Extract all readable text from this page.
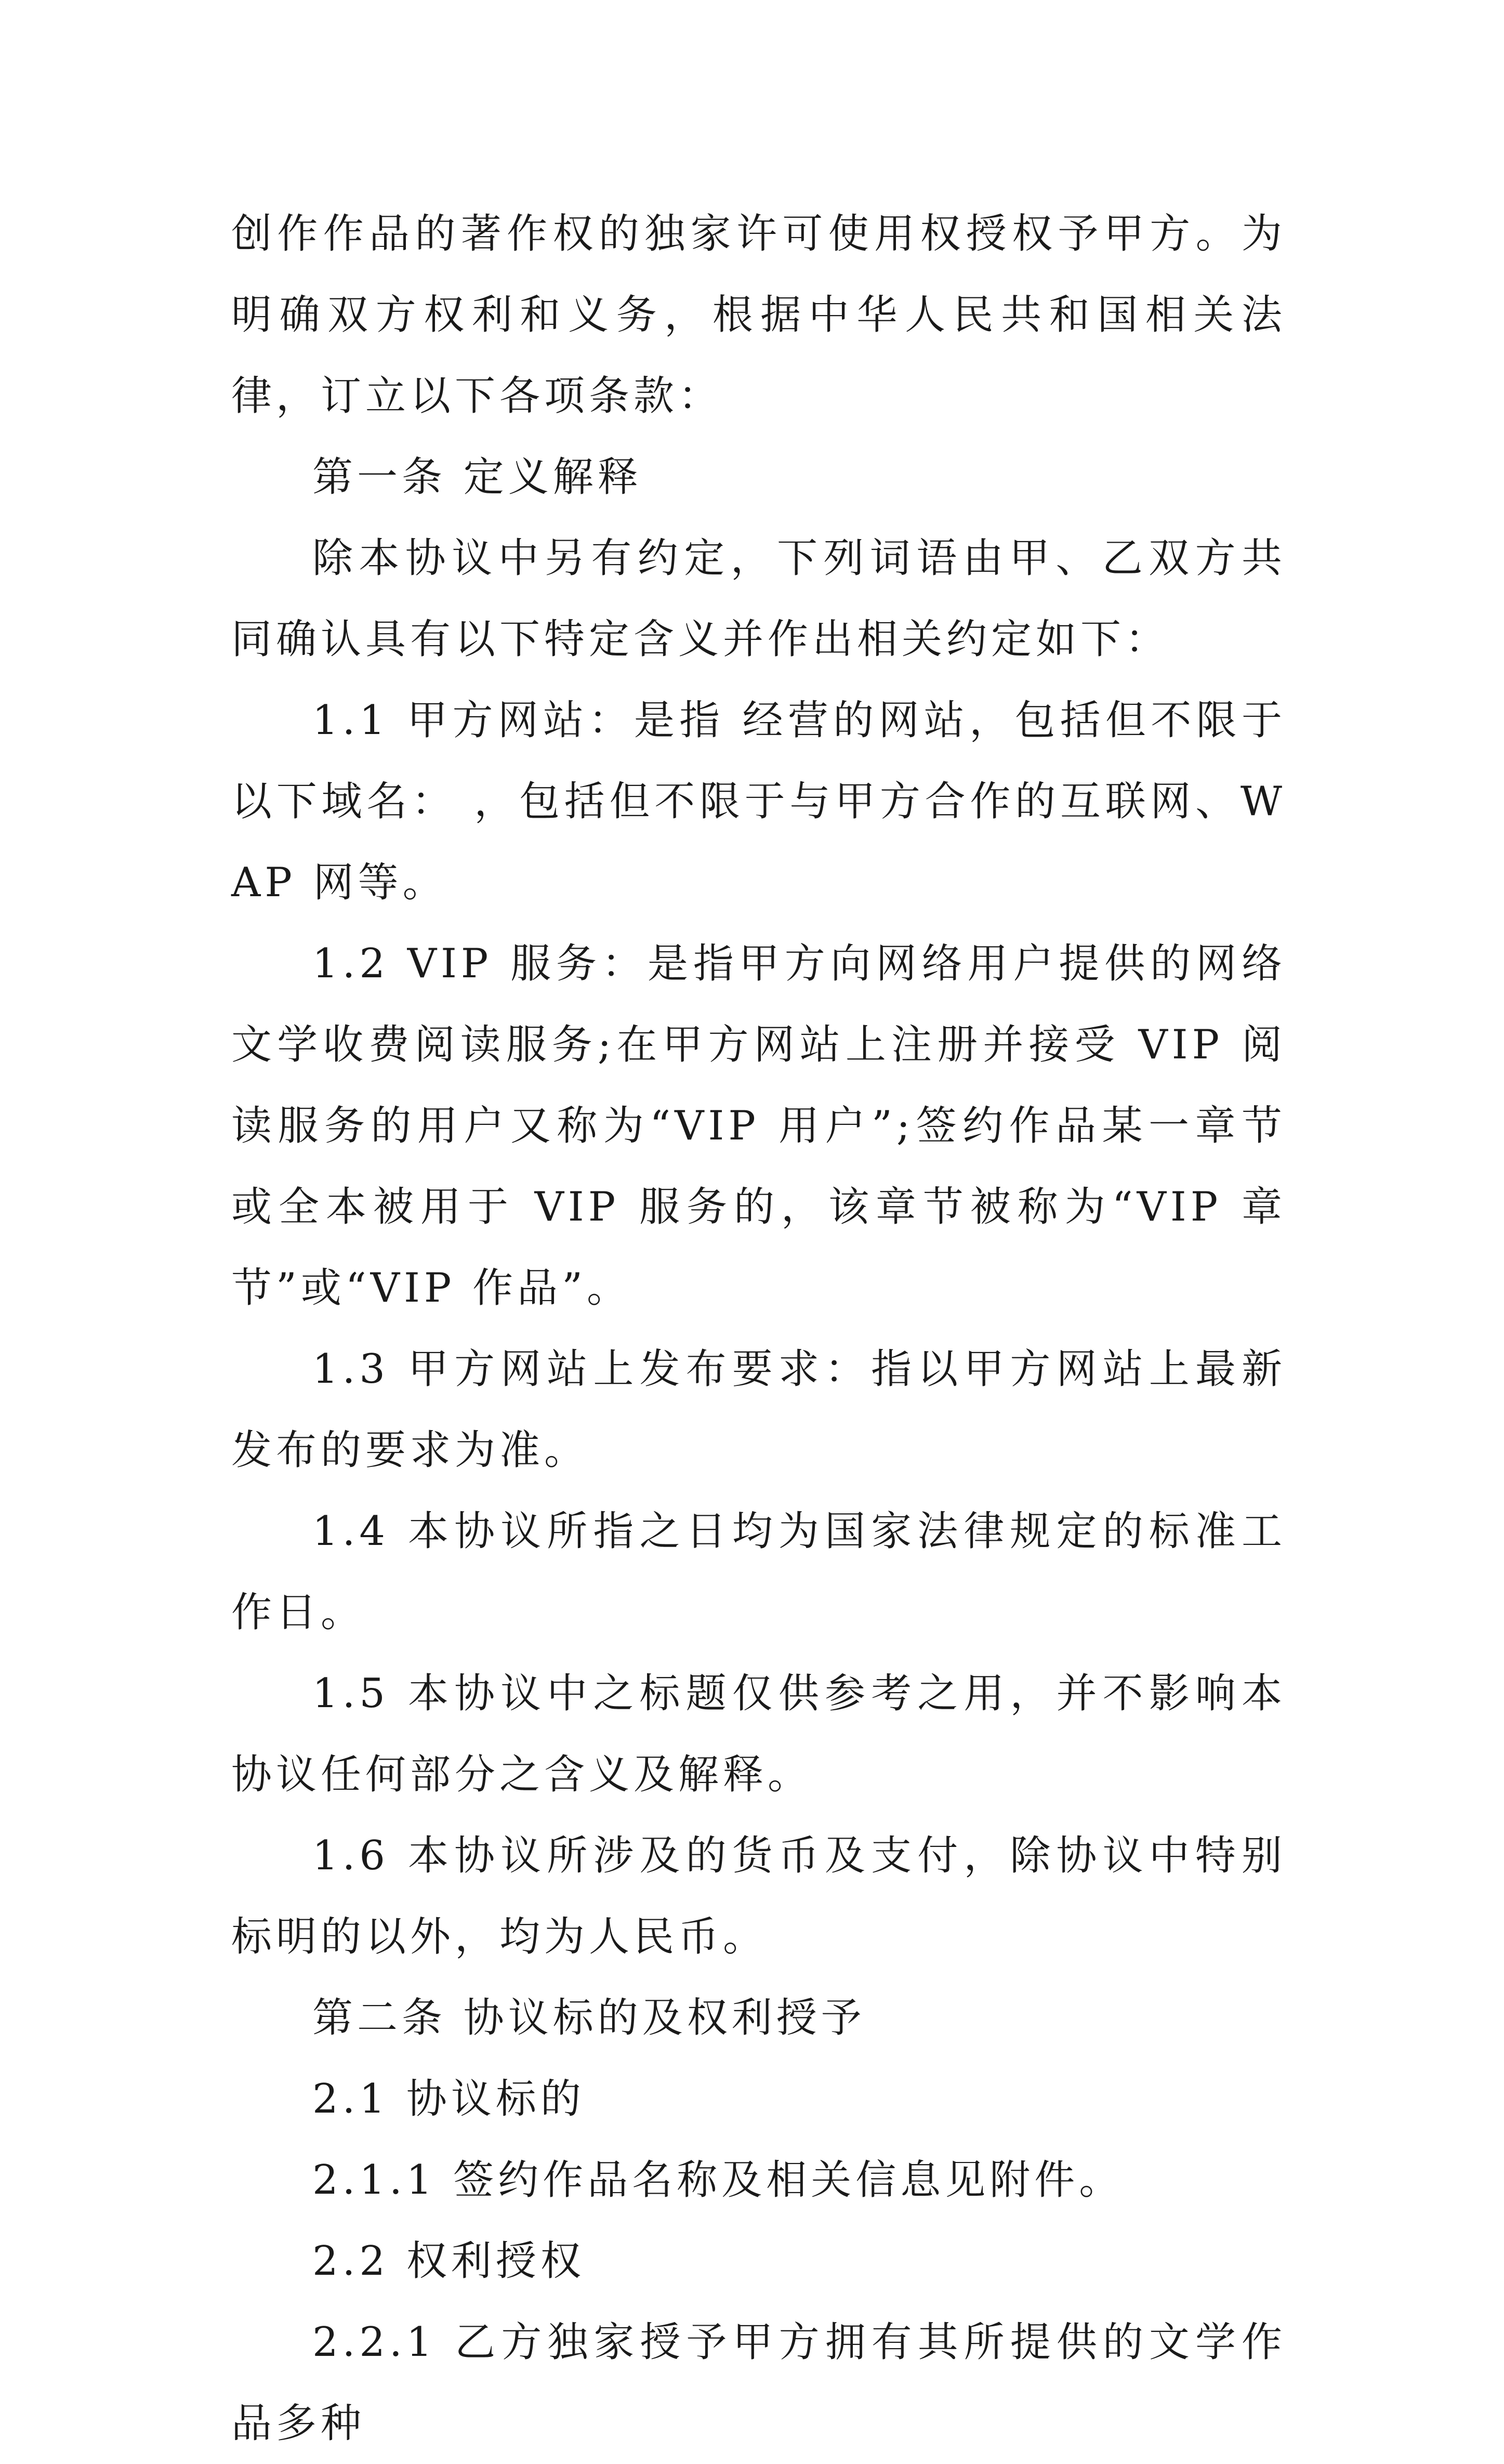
创作作品的著作权的独家许可使用权授权予甲方。为明确双方权利和义务，根据中华人民共和国相关法律，订立以下各项条款：

第一条 定义解释

除本协议中另有约定，下列词语由甲、乙双方共同确认具有以下特定含义并作出相关约定如下：

1.1 甲方网站：是指 经营的网站，包括但不限于以下域名： ，包括但不限于与甲方合作的互联网、WAP 网等。

1.2 VIP 服务：是指甲方向网络用户提供的网络文学收费阅读服务;在甲方网站上注册并接受 VIP 阅读服务的用户又称为“VIP 用户”;签约作品某一章节或全本被用于 VIP 服务的，该章节被称为“VIP 章节”或“VIP 作品”。

1.3 甲方网站上发布要求：指以甲方网站上最新发布的要求为准。

1.4 本协议所指之日均为国家法律规定的标准工作日。

1.5 本协议中之标题仅供参考之用，并不影响本协议任何部分之含义及解释。

1.6 本协议所涉及的货币及支付，除协议中特别标明的以外，均为人民币。

第二条 协议标的及权利授予

2.1 协议标的

2.1.1 签约作品名称及相关信息见附件。

2.2 权利授权

2.2.1 乙方独家授予甲方拥有其所提供的文学作品多种
